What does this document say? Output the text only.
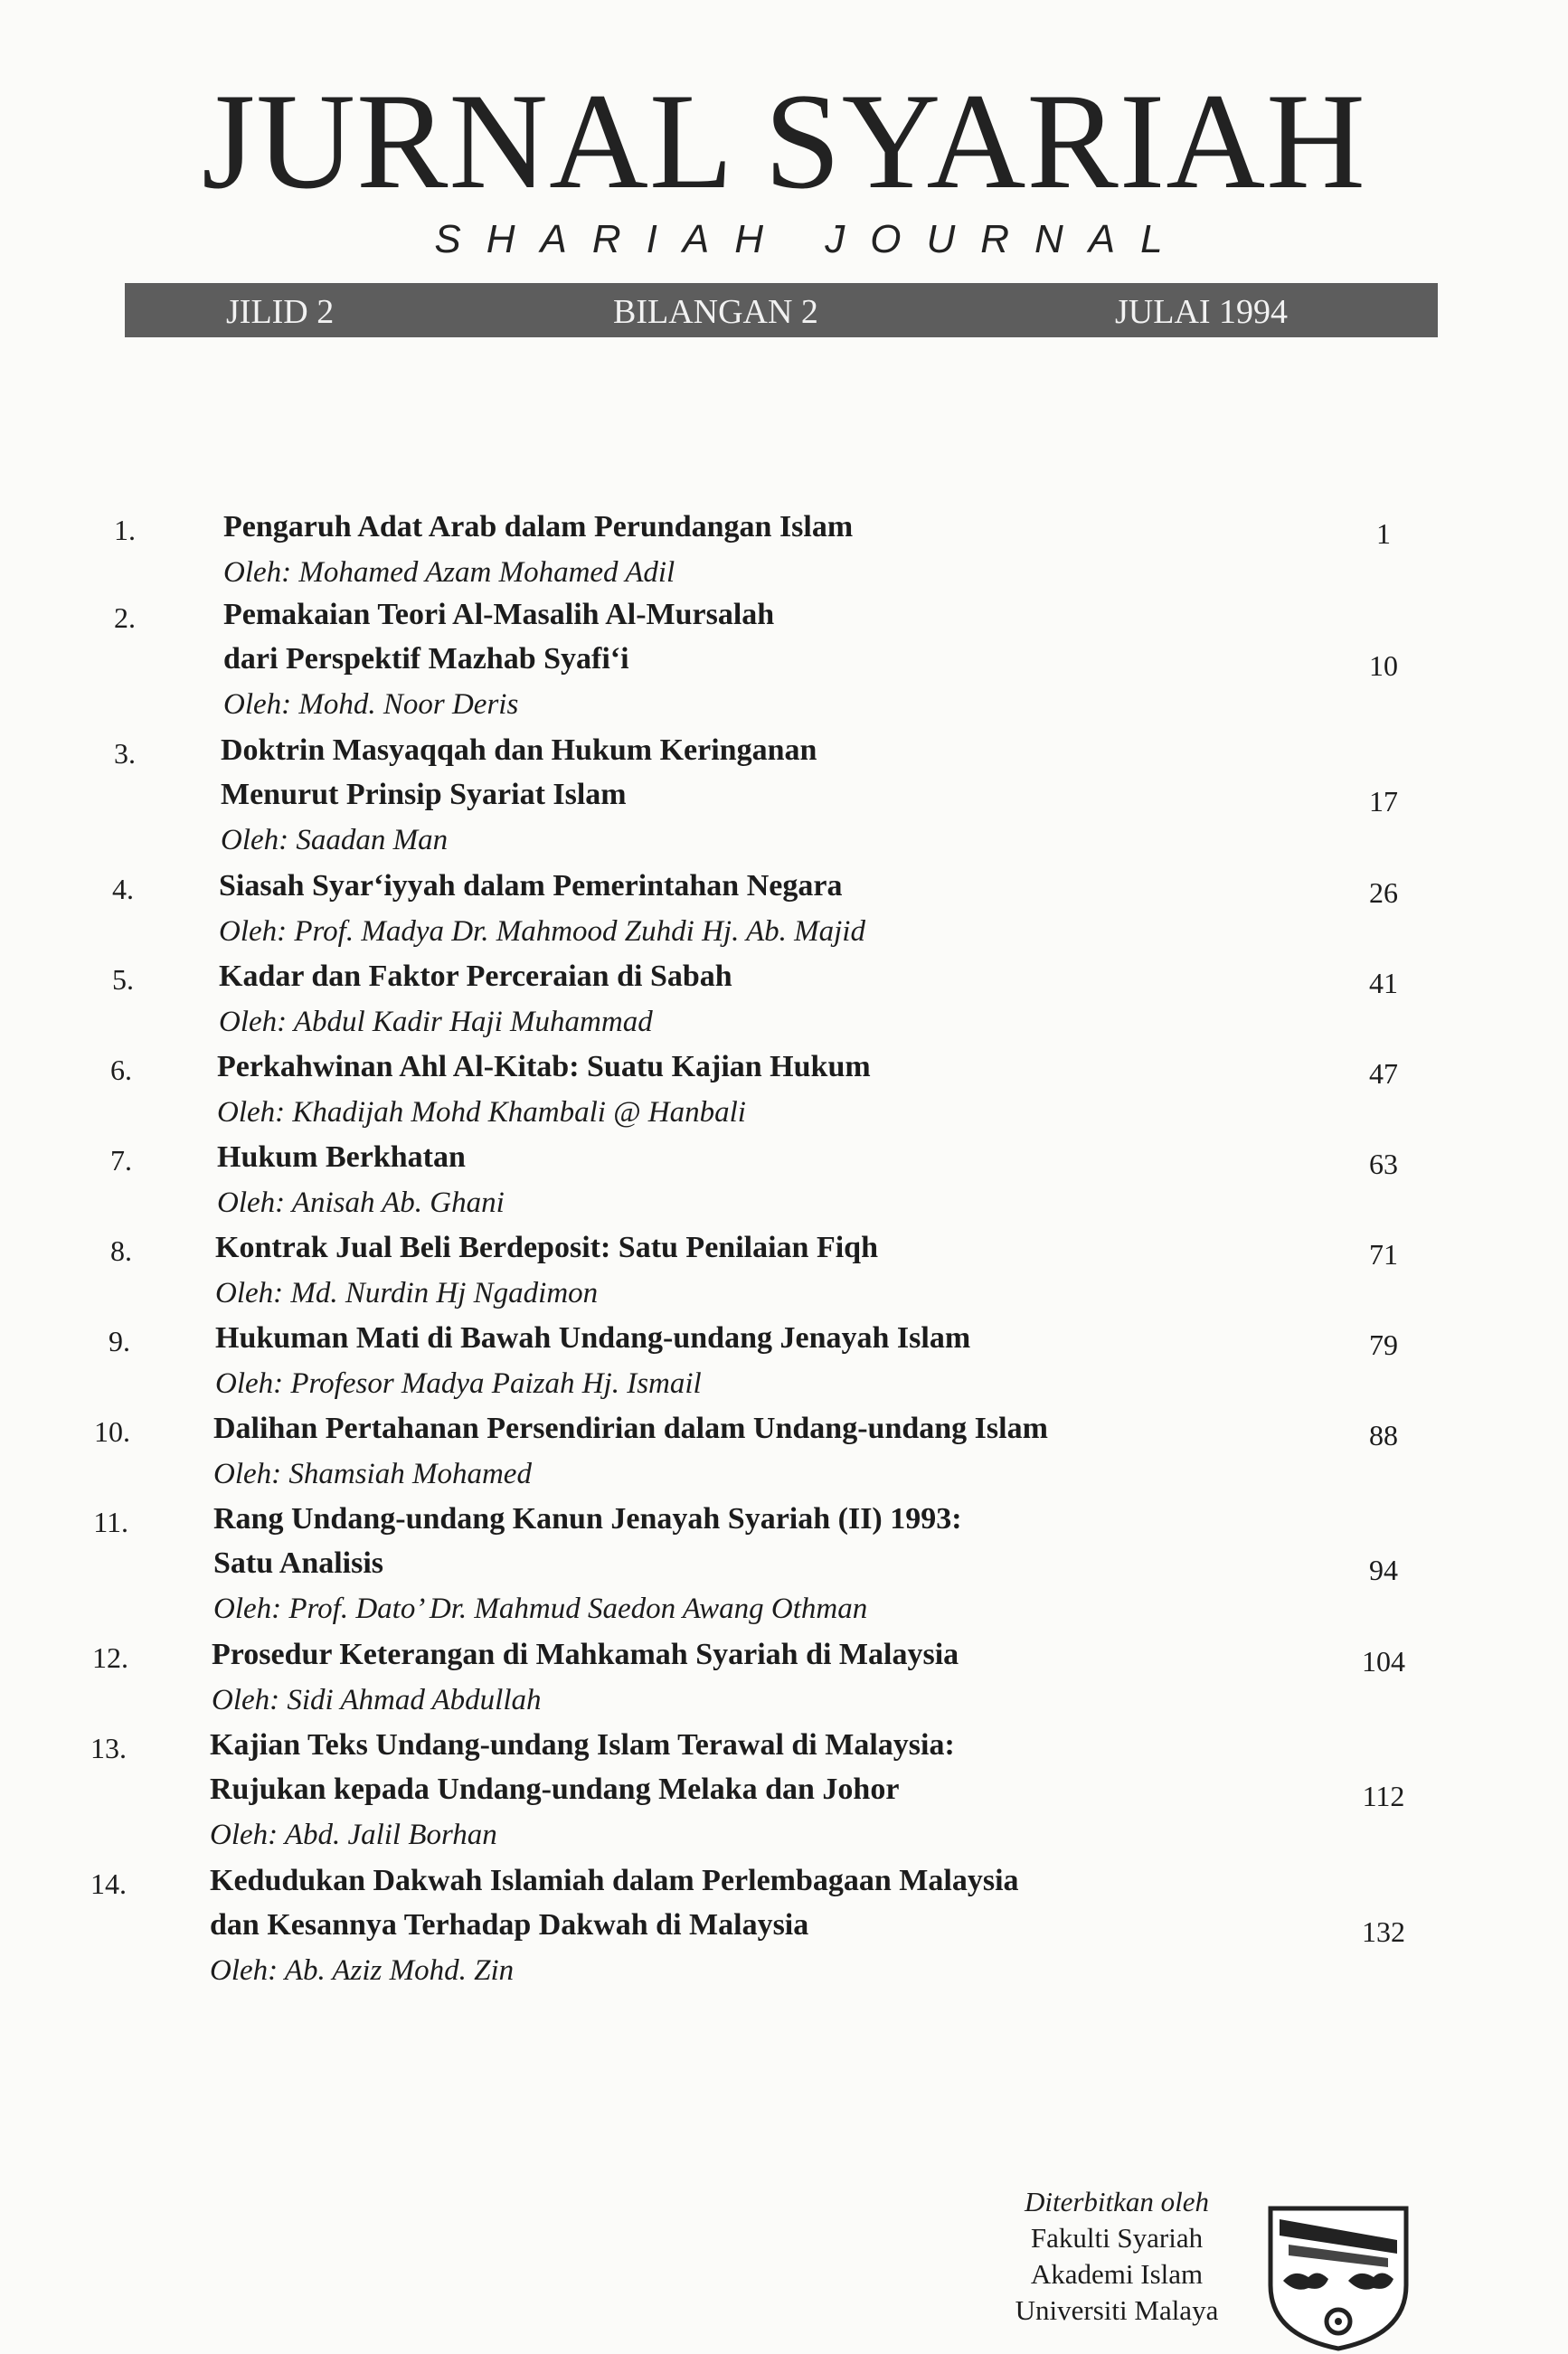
JURNAL SYARIAH
SHARIAH JOURNAL
JILID 2	BILANGAN 2	JULAI 1994
1.	Pengaruh Adat Arab dalam Perundangan Islam
Oleh: Mohamed Azam Mohamed Adil
1
2.	Pemakaian Teori Al-Masalih Al-Mursalah
dari Perspektif Mazhab Syafi‘i
Oleh: Mohd. Noor Deris
10
3.	Doktrin Masyaqqah dan Hukum Keringanan
Menurut Prinsip Syariat Islam
Oleh: Saadan Man
17
4.	Siasah Syar‘iyyah dalam Pemerintahan Negara
Oleh: Prof. Madya Dr. Mahmood Zuhdi Hj. Ab. Majid
26
5.	Kadar dan Faktor Perceraian di Sabah
Oleh: Abdul Kadir Haji Muhammad
41
6.	Perkahwinan Ahl Al-Kitab: Suatu Kajian Hukum
Oleh: Khadijah Mohd Khambali @ Hanbali
47
7.	Hukum Berkhatan
Oleh: Anisah Ab. Ghani
63
8.	Kontrak Jual Beli Berdeposit: Satu Penilaian Fiqh
Oleh: Md. Nurdin Hj Ngadimon
71
9.	Hukuman Mati di Bawah Undang-undang Jenayah Islam
Oleh: Profesor Madya Paizah Hj. Ismail
79
10.	Dalihan Pertahanan Persendirian dalam Undang-undang Islam
Oleh: Shamsiah Mohamed
88
11.	Rang Undang-undang Kanun Jenayah Syariah (II) 1993:
Satu Analisis
Oleh: Prof. Dato’ Dr. Mahmud Saedon Awang Othman
94
12.	Prosedur Keterangan di Mahkamah Syariah di Malaysia
Oleh: Sidi Ahmad Abdullah
104
13.	Kajian Teks Undang-undang Islam Terawal di Malaysia:
Rujukan kepada Undang-undang Melaka dan Johor
Oleh: Abd. Jalil Borhan
112
14.	Kedudukan Dakwah Islamiah dalam Perlembagaan Malaysia
dan Kesannya Terhadap Dakwah di Malaysia
Oleh: Ab. Aziz Mohd. Zin
132
Diterbitkan oleh
Fakulti Syariah
Akademi Islam
Universiti Malaya
